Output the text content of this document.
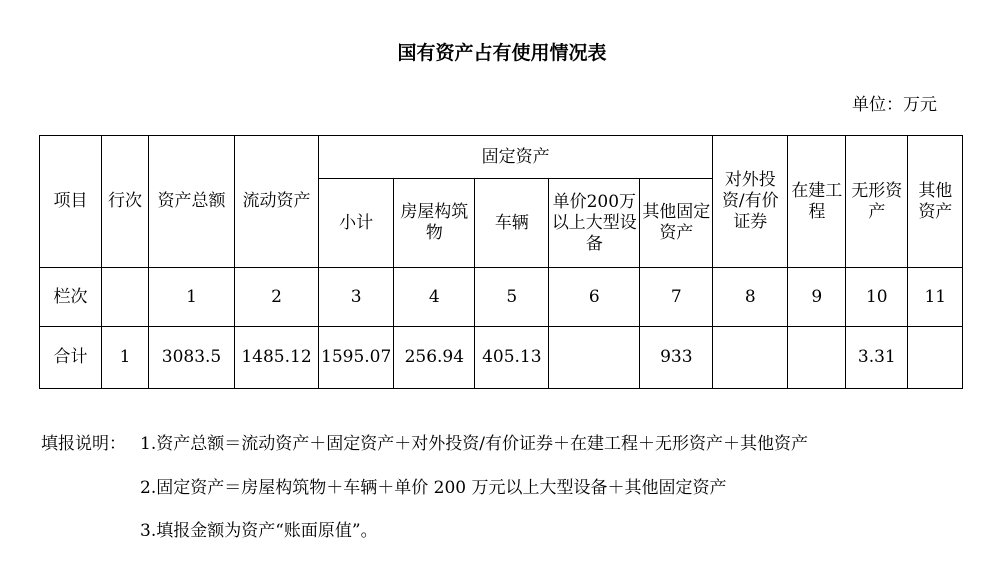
国有资产占有使用情况表
单位：万元
项目	行次	资产总额	流动资产	固定资产					对外投资/有价证券	在建工程	无形资产	其他资产
				小计	房屋构筑物	车辆	单价200万以上大型设备	其他固定资产				
栏次		1	2	3	4	5	6	7	8	9	10	11
合计	1	3083.5	1485.12	1595.07	256.94	405.13		933			3.31	
填报说明： 1.资产总额＝流动资产＋固定资产＋对外投资/有价证券＋在建工程＋无形资产＋其他资产
2.固定资产＝房屋构筑物＋车辆＋单价 200 万元以上大型设备＋其他固定资产
3.填报金额为资产“账面原值”。
